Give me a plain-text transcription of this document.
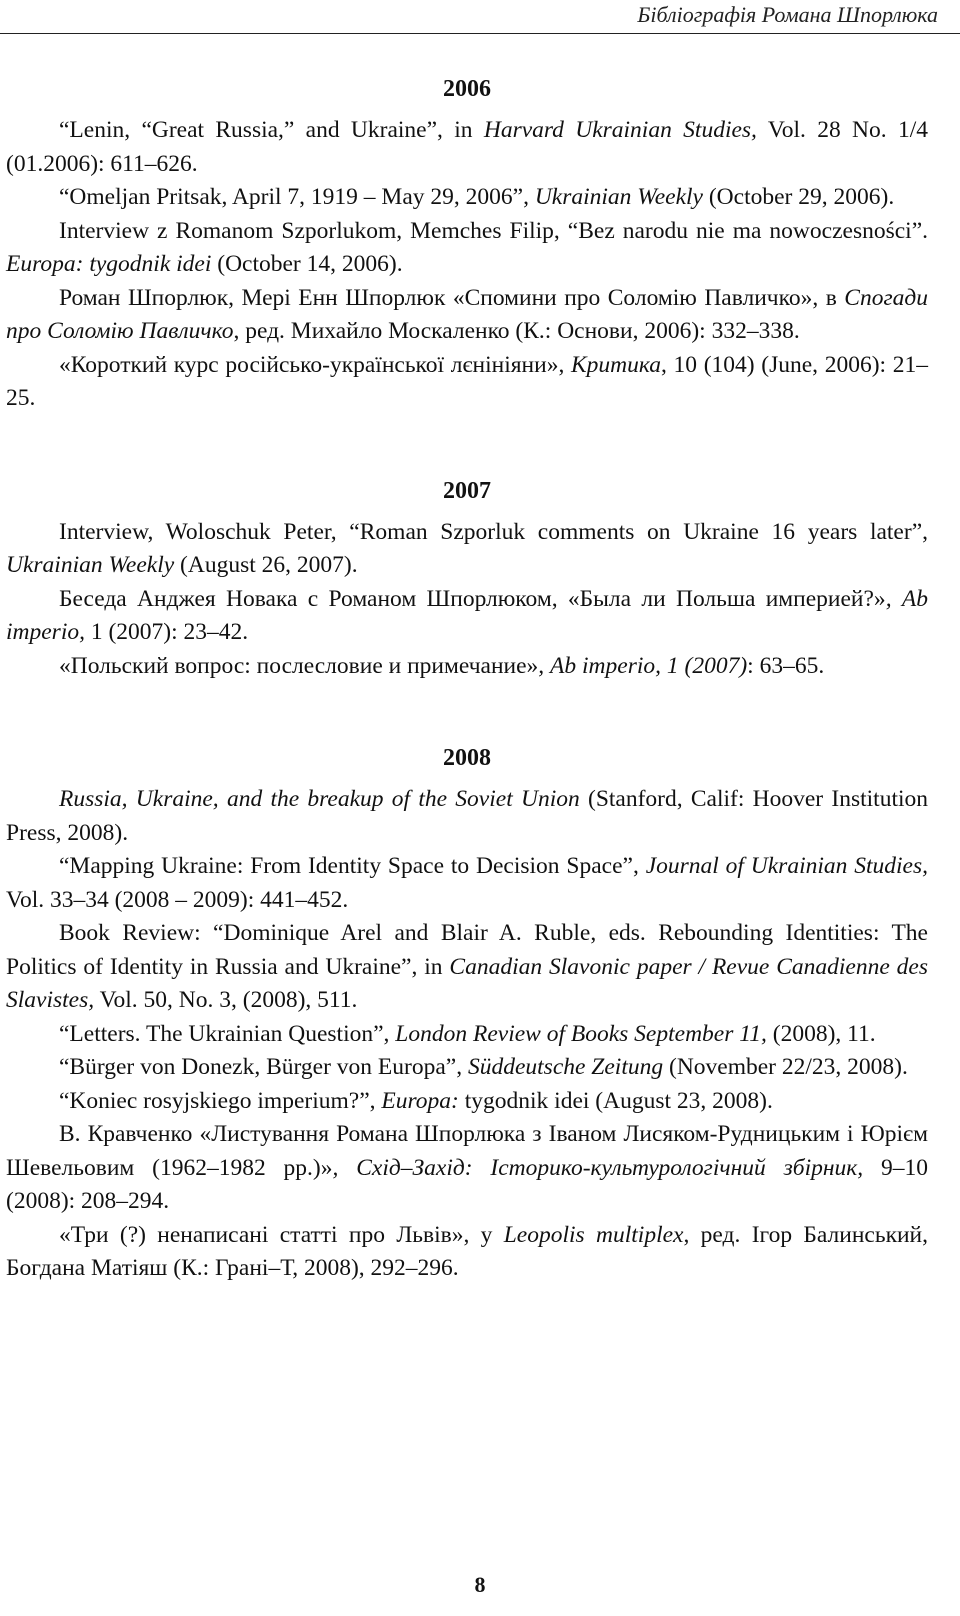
Бібліографія Романа Шпорлюка
2006

“Lenin, “Great Russia,” and Ukraine”, in Harvard Ukrainian Studies, Vol. 28 No. 1/4 (01.2006): 611–626.

“Omeljan Pritsak, April 7, 1919 – May 29, 2006”, Ukrainian Weekly (October 29, 2006).

Interview z Romanom Szporlukom, Memches Filip, “Bez narodu nie ma nowoczesności”. Europa: tygodnik idei (October 14, 2006).

Роман Шпорлюк, Мері Енн Шпорлюк «Спомини про Соломію Павличко», в Спогади про Соломію Павличко, ред. Михайло Москаленко (К.: Основи, 2006): 332–338.

«Короткий курс російсько-української лєнініяни», Критика, 10 (104) (June, 2006): 21–25.

2007

Interview, Woloschuk Peter, “Roman Szporluk comments on Ukraine 16 years later”, Ukrainian Weekly (August 26, 2007).

Беседа Анджея Новака с Романом Шпорлюком, «Была ли Польша империей?», Ab imperio, 1 (2007): 23–42.

«Польский вопрос: послесловие и примечание», Ab imperio, 1 (2007): 63–65.

2008

Russia, Ukraine, and the breakup of the Soviet Union (Stanford, Calif: Hoover Institution Press, 2008).

“Mapping Ukraine: From Identity Space to Decision Space”, Journal of Ukrainian Studies, Vol. 33–34 (2008 – 2009): 441–452.

Book Review: “Dominique Arel and Blair A. Ruble, eds. Rebounding Identities: The Politics of Identity in Russia and Ukraine”, in Canadian Slavonic paper / Revue Canadienne des Slavistes, Vol. 50, No. 3, (2008), 511.

“Letters. The Ukrainian Question”, London Review of Books September 11, (2008), 11.

“Bürger von Donezk, Bürger von Europa”, Süddeutsche Zeitung (November 22/23, 2008).

“Koniec rosyjskiego imperium?”, Europa: tygodnik idei (August 23, 2008).

В. Кравченко «Листування Романа Шпорлюка з Іваном Лисяком-Рудницьким і Юрієм Шевельовим (1962–1982 рр.)», Схід–Захід: Історико-культурологічний збірник, 9–10 (2008): 208–294.

«Три (?) ненаписані статті про Львів», у Leopolis multiplex, ред. Ігор Балинський, Богдана Матіяш (К.: Грані–Т, 2008), 292–296.

8
